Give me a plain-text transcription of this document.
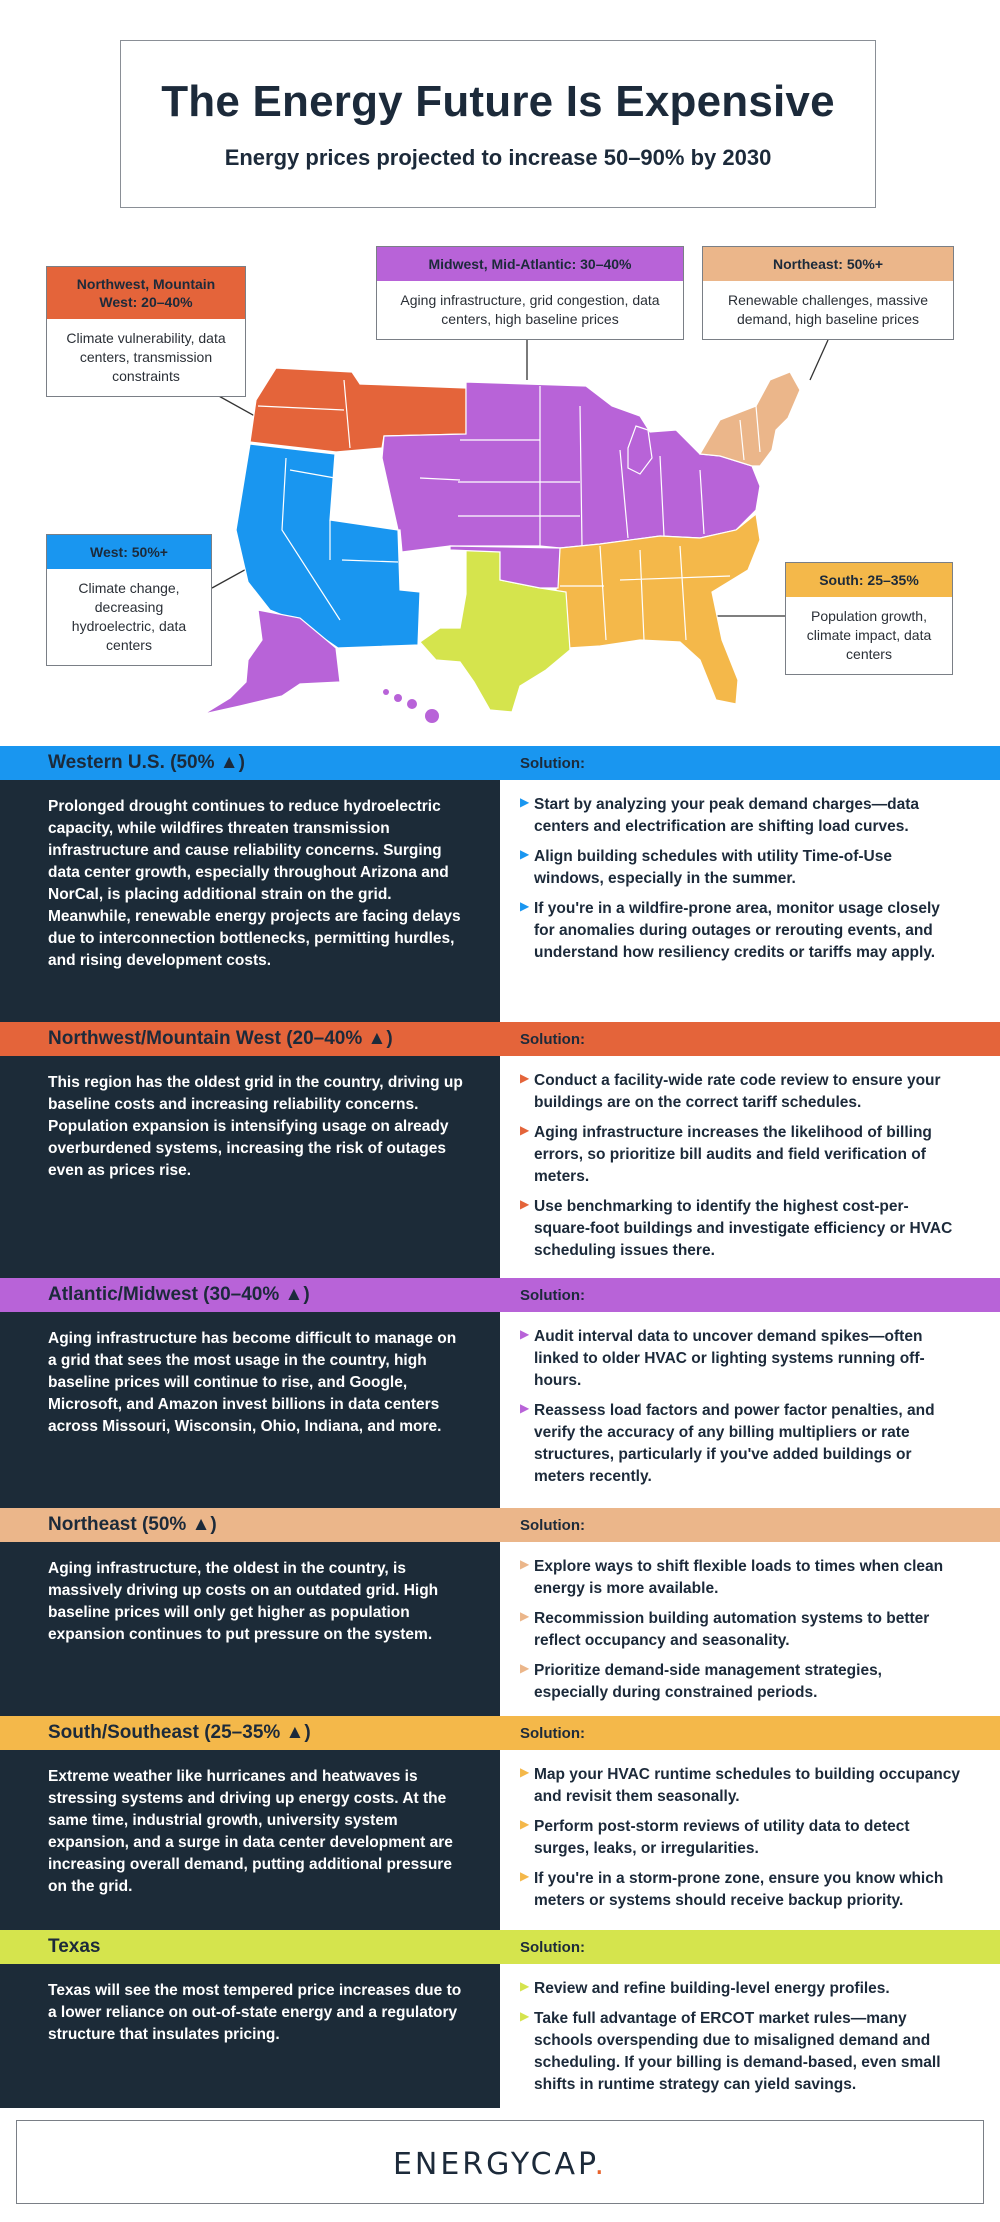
The Energy Future Is Expensive
Energy prices projected to increase 50–90% by 2030
Northwest, Mountain West: 20–40%
Climate vulnerability, data centers, transmission constraints
Midwest, Mid-Atlantic: 30–40%
Aging infrastructure, grid congestion, data centers, high baseline prices
Northeast: 50%+
Renewable challenges, massive demand, high baseline prices
West: 50%+
Climate change, decreasing hydroelectric, data centers
South: 25–35%
Population growth, climate impact, data centers
Western U.S. (50% ▲)	Solution:
Prolonged drought continues to reduce hydroelectric capacity, while wildfires threaten transmission infrastructure and cause reliability concerns. Surging data center growth, especially throughout Arizona and NorCal, is placing additional strain on the grid. Meanwhile, renewable energy projects are facing delays due to interconnection bottlenecks, permitting hurdles, and rising development costs.
▶ Start by analyzing your peak demand charges—data centers and electrification are shifting load curves.
▶ Align building schedules with utility Time-of-Use windows, especially in the summer.
▶ If you're in a wildfire-prone area, monitor usage closely for anomalies during outages or rerouting events, and understand how resiliency credits or tariffs may apply.
Northwest/Mountain West (20–40% ▲)	Solution:
This region has the oldest grid in the country, driving up baseline costs and increasing reliability concerns. Population expansion is intensifying usage on already overburdened systems, increasing the risk of outages even as prices rise.
▶ Conduct a facility-wide rate code review to ensure your buildings are on the correct tariff schedules.
▶ Aging infrastructure increases the likelihood of billing errors, so prioritize bill audits and field verification of meters.
▶ Use benchmarking to identify the highest cost-per-square-foot buildings and investigate efficiency or HVAC scheduling issues there.
Atlantic/Midwest (30–40% ▲)	Solution:
Aging infrastructure has become difficult to manage on a grid that sees the most usage in the country, high baseline prices will continue to rise, and Google, Microsoft, and Amazon invest billions in data centers across Missouri, Wisconsin, Ohio, Indiana, and more.
▶ Audit interval data to uncover demand spikes—often linked to older HVAC or lighting systems running off-hours.
▶ Reassess load factors and power factor penalties, and verify the accuracy of any billing multipliers or rate structures, particularly if you've added buildings or meters recently.
Northeast (50% ▲)	Solution:
Aging infrastructure, the oldest in the country, is massively driving up costs on an outdated grid. High baseline prices will only get higher as population expansion continues to put pressure on the system.
▶ Explore ways to shift flexible loads to times when clean energy is more available.
▶ Recommission building automation systems to better reflect occupancy and seasonality.
▶ Prioritize demand-side management strategies, especially during constrained periods.
South/Southeast (25–35% ▲)	Solution:
Extreme weather like hurricanes and heatwaves is stressing systems and driving up energy costs. At the same time, industrial growth, university system expansion, and a surge in data center development are increasing overall demand, putting additional pressure on the grid.
▶ Map your HVAC runtime schedules to building occupancy and revisit them seasonally.
▶ Perform post-storm reviews of utility data to detect surges, leaks, or irregularities.
▶ If you're in a storm-prone zone, ensure you know which meters or systems should receive backup priority.
Texas	Solution:
Texas will see the most tempered price increases due to a lower reliance on out-of-state energy and a regulatory structure that insulates pricing.
▶ Review and refine building-level energy profiles.
▶ Take full advantage of ERCOT market rules—many schools overspending due to misaligned demand and scheduling. If your billing is demand-based, even small shifts in runtime strategy can yield savings.
ENERGYCAP.
